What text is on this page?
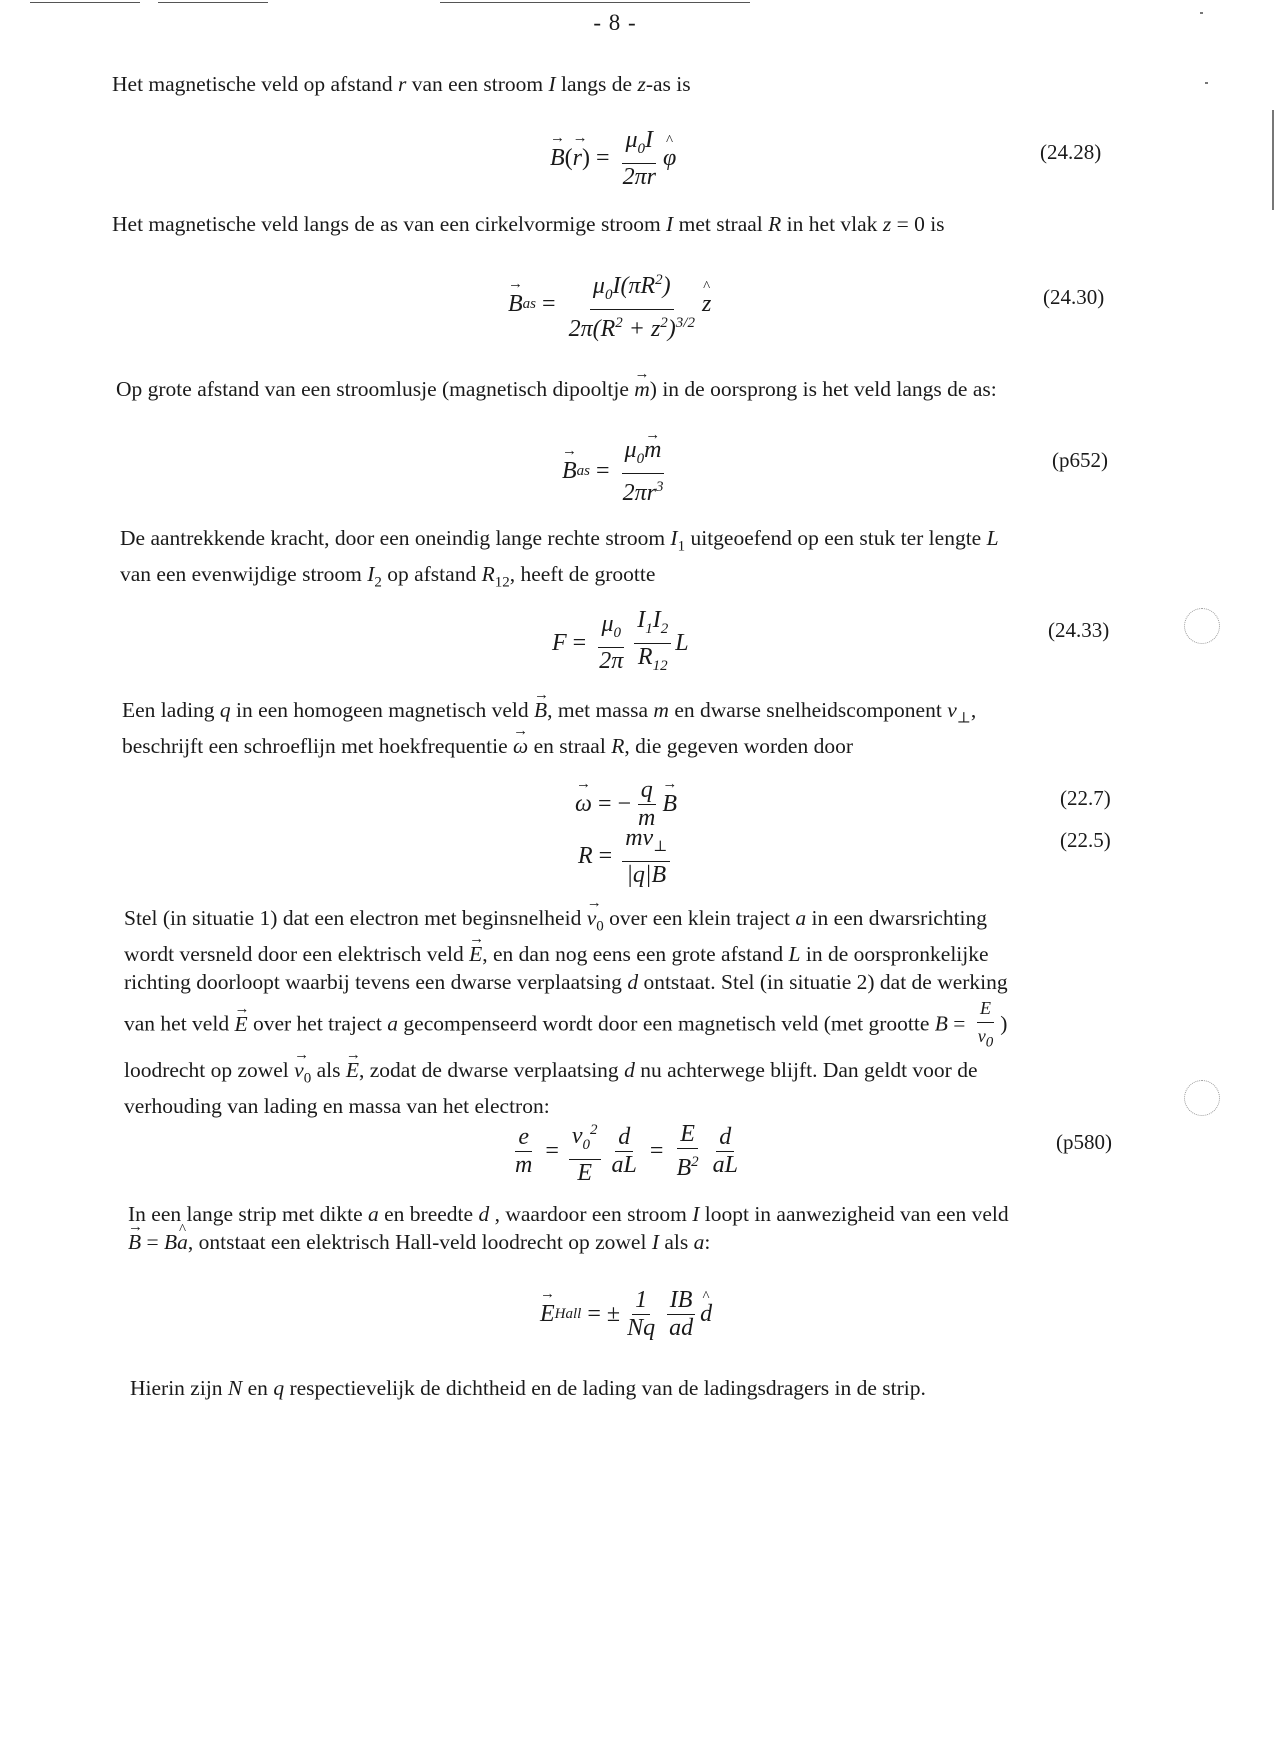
- 8 -
Het magnetische veld op afstand r van een stroom I langs de z-as is
→ B (
→ r ) = $\frac{\mu_0I}{2\pi r}$
^ φ	(24.28)
Het magnetische veld langs de as van een cirkelvormige stroom I met straal R in het vlak z = 0 is
→ B as = $\frac{\mu_0I(\pi R^2)}{2\pi(R^2 + z^2)^{3/2}}$
^ z	(24.30)
Op grote afstand van een stroomlusje (magnetisch dipooltje → m) in de oorsprong is het veld langs de as:
→ B as = $\frac{\mu_0\to m}{2\pi r^3}$	(p652)
De aantrekkende kracht, door een oneindig lange rechte stroom $I_1$ uitgeoefend op een stuk ter lengte L
van een evenwijdige stroom $I_2$ op afstand $R_{12}$, heeft de grootte
$F = \frac{\mu_0}{2\pi} \frac{I_1I_2}{R_{12}}$ L	(24.33)
Een lading q in een homogeen magnetisch veld → B, met massa m en dwarse snelheidscomponent $v_\perp$,
beschrijft een schroeflijn met hoekfrequentie → ω en straal R, die gegeven worden door
→ ω = − $\frac{q}{m}$
→ B	(22.7)
$R = \frac{mv_\perp}{|q|B}$	(22.5)
Stel (in situatie 1) dat een electron met beginsnelheid → $v_0$ over een klein traject a in een dwarsrichting
wordt versneld door een elektrisch veld → E, en dan nog eens een grote afstand L in de oorspronkelijke
richting doorloopt waarbij tevens een dwarse verplaatsing d ontstaat. Stel (in situatie 2) dat de werking
van het veld → E over het traject a gecompenseerd wordt door een magnetisch veld (met grootte $B = \frac{E}{v_0}$ )
loodrecht op zowel → $v_0$ als → E, zodat de dwarse verplaatsing d nu achterwege blijft. Dan geldt voor de
verhouding van lading en massa van het electron:
$\frac{e}{m} = \frac{v_0^2}{E} \frac{d}{aL} = \frac{E}{B^2} \frac{d}{aL}$	(p580)
In een lange strip met dikte a en breedte d , waardoor een stroom I loopt in aanwezigheid van een veld
→ B = B^ a, ontstaat een elektrisch Hall-veld loodrecht op zowel I als a:
→ E Hall = ± $\frac{1}{Nq} \frac{IB}{ad}$
^ d
Hierin zijn N en q respectievelijk de dichtheid en de lading van de ladingsdragers in de strip.
